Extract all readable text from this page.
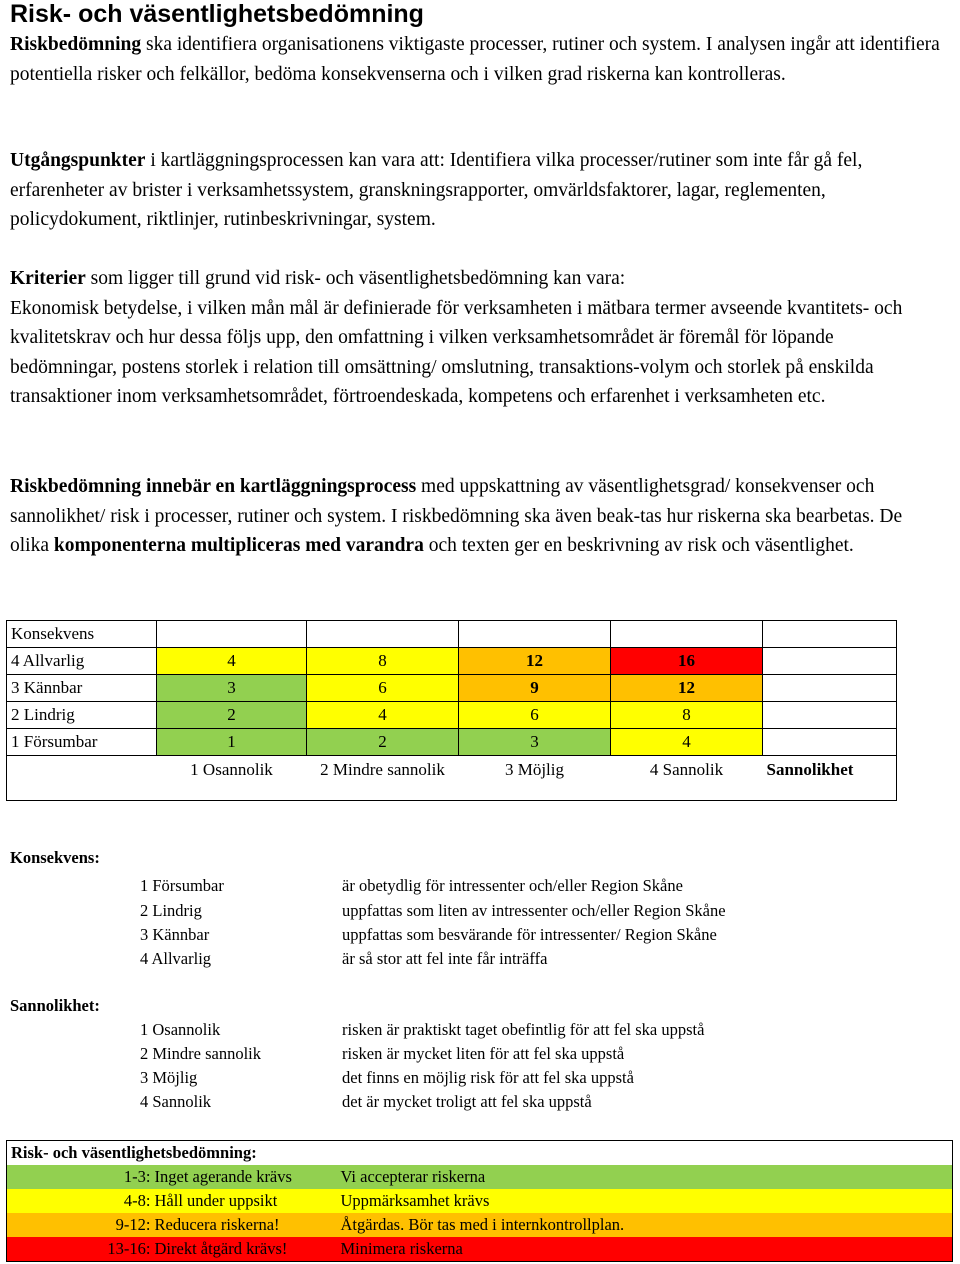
Risk- och väsentlighetsbedömning
Riskbedömning ska identifiera organisationens viktigaste processer, rutiner och system. I analysen ingår att identifiera potentiella risker och felkällor, bedöma konsekvenserna och i vilken grad riskerna kan kontrolleras.
Utgångspunkter i kartläggningsprocessen kan vara att: Identifiera vilka processer/rutiner som inte får gå fel, erfarenheter av brister i verksamhetssystem, granskningsrapporter, omvärldsfaktorer, lagar, reglementen, policydokument, riktlinjer, rutinbeskrivningar, system.
Kriterier som ligger till grund vid risk- och väsentlighetsbedömning kan vara:
Ekonomisk betydelse, i vilken mån mål är definierade för verksamheten i mätbara termer avseende kvantitets- och kvalitetskrav och hur dessa följs upp, den omfattning i vilken verksamhetsområdet är föremål för löpande bedömningar, postens storlek i relation till omsättning/ omslutning, transaktions-volym och storlek på enskilda transaktioner inom verksamhetsområdet, förtroendeskada, kompetens och erfarenhet i verksamheten etc.
Riskbedömning innebär en kartläggningsprocess med uppskattning av väsentlighetsgrad/ konsekvenser och sannolikhet/ risk i processer, rutiner och system. I riskbedömning ska även beak-tas hur riskerna ska bearbetas. De olika komponenterna multipliceras med varandra och texten ger en beskrivning av risk och väsentlighet.
Konsekvens					
4 Allvarlig	4	8	12	16	
3 Kännbar	3	6	9	12	
2 Lindrig	2	4	6	8	
1 Försumbar	1	2	3	4	
	1 Osannolik	2 Mindre sannolik	3 Möjlig	4 Sannolik	Sannolikhet

Konsekvens:
1 Försumbar	är obetydlig för intressenter och/eller Region Skåne
2 Lindrig	uppfattas som liten av intressenter och/eller Region Skåne
3 Kännbar	uppfattas som besvärande för intressenter/ Region Skåne
4 Allvarlig	är så stor att fel inte får inträffa
Sannolikhet:
1 Osannolik	risken är praktiskt taget obefintlig för att fel ska uppstå
2 Mindre sannolik	risken är mycket liten för att fel ska uppstå
3 Möjlig	det finns en möjlig risk för att fel ska uppstå
4 Sannolik	det är mycket troligt att fel ska uppstå
Risk- och väsentlighetsbedömning:		
1-3:	Inget agerande krävs	Vi accepterar riskerna
4-8:	Håll under uppsikt	Uppmärksamhet krävs
9-12:	Reducera riskerna!	Åtgärdas. Bör tas med i internkontrollplan.
13-16:	Direkt åtgärd krävs!	Minimera riskerna
